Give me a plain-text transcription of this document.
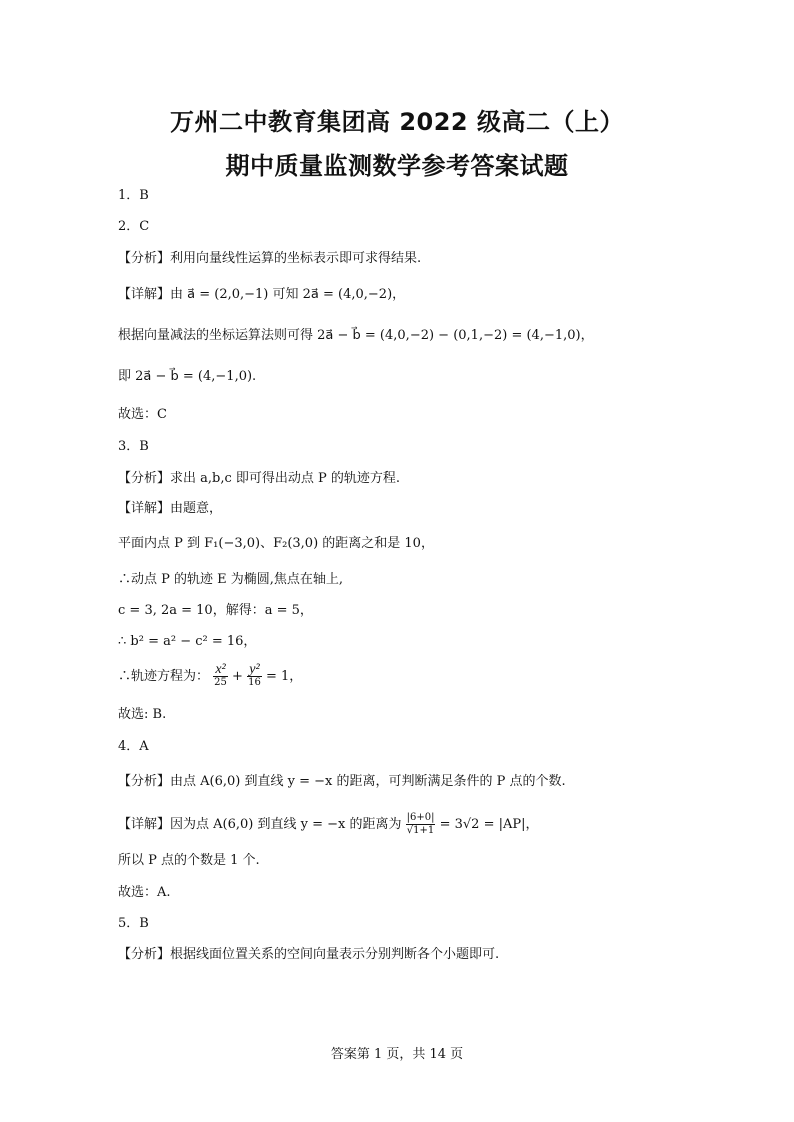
万州二中教育集团高 2022 级高二（上）
期中质量监测数学参考答案试题
1．B
2．C
【分析】利用向量线性运算的坐标表示即可求得结果.
【详解】由 a⃗ = (2,0,−1) 可知 2a⃗ = (4,0,−2)，
根据向量减法的坐标运算法则可得 2a⃗ − b⃗ = (4,0,−2) − (0,1,−2) = (4,−1,0)，
即 2a⃗ − b⃗ = (4,−1,0).
故选：C
3．B
【分析】求出 a,b,c 即可得出动点 P 的轨迹方程.
【详解】由题意，
平面内点 P 到 F₁(−3,0)、F₂(3,0) 的距离之和是 10，
∴动点 P 的轨迹 E 为椭圆,焦点在轴上,
c = 3, 2a = 10，解得：a = 5，
∴ b² = a² − c² = 16，
∴轨迹方程为： $\frac{\text{x²}}{25} + \frac{\text{y²}}{16} = 1$，
故选: B.
4．A
【分析】由点 A(6,0) 到直线 y = −x 的距离，可判断满足条件的 P 点的个数.
【详解】因为点 A(6,0) 到直线 y = −x 的距离为 $\frac{|6+0|}{√1+1} = 3√2 = |AP|$，
所以 P 点的个数是 1 个.
故选：A.
5．B
【分析】根据线面位置关系的空间向量表示分别判断各个小题即可.
答案第 1 页，共 14 页
